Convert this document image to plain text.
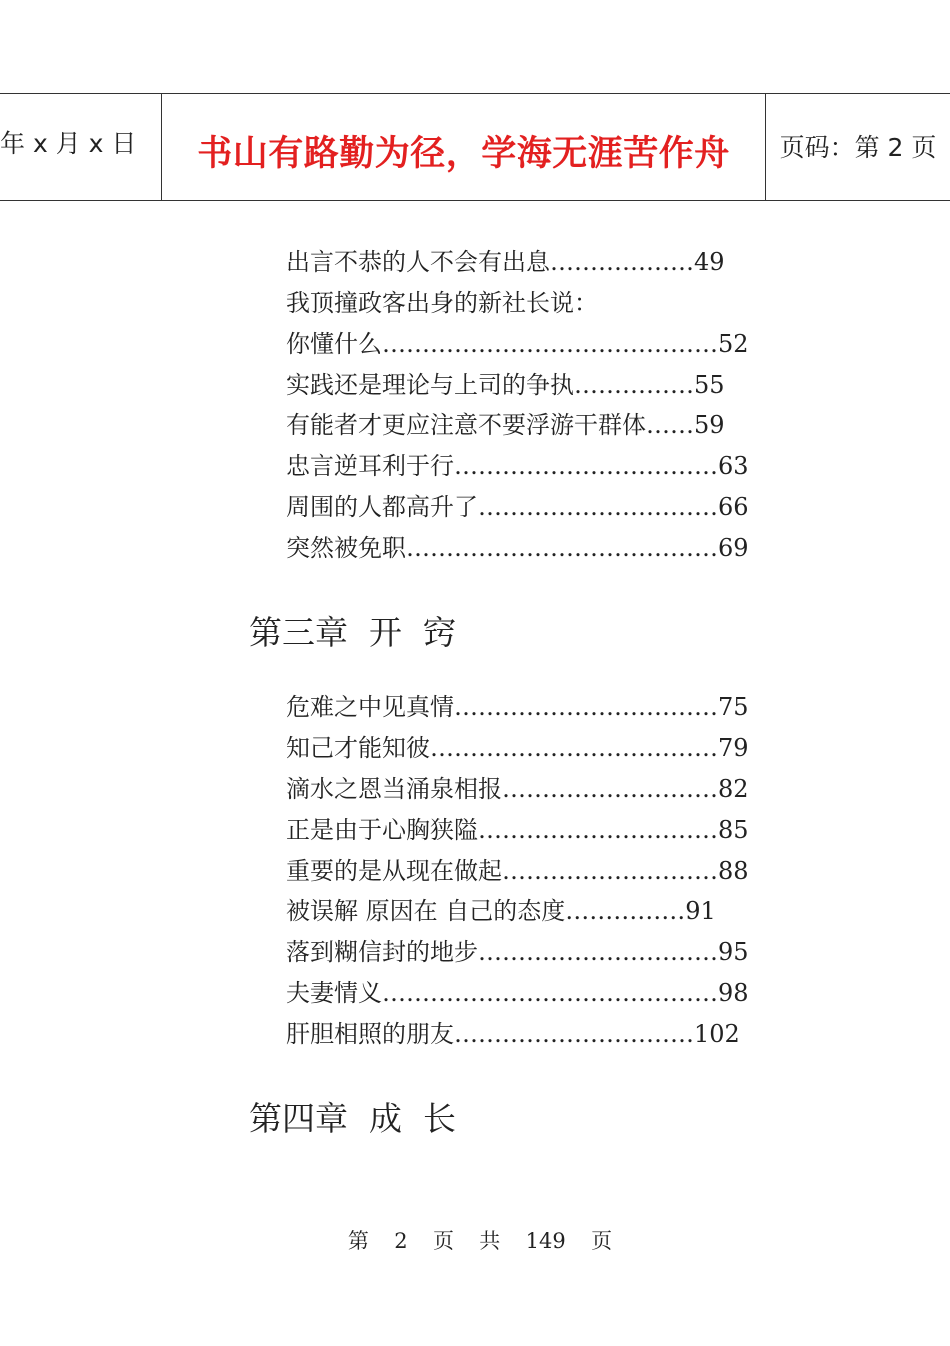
年 x 月 x 日	书山有路勤为径，学海无涯苦作舟	页码：第 2 页
出言不恭的人不会有出息………………49
我顶撞政客出身的新社长说：
你懂什么……………………………………52
实践还是理论与上司的争执……………55
有能者才更应注意不要浮游干群体……59
忠言逆耳利于行……………………………63
周围的人都高升了…………………………66
突然被免职…………………………………69
第三章  开  窍
危难之中见真情……………………………75
知己才能知彼………………………………79
滴水之恩当涌泉相报………………………82
正是由于心胸狭隘…………………………85
重要的是从现在做起………………………88
被误解 原因在 自己的态度……………91
落到糊信封的地步…………………………95
夫妻情义……………………………………98
肝胆相照的朋友…………………………102
第四章  成  长
第  2  页  共  149  页
